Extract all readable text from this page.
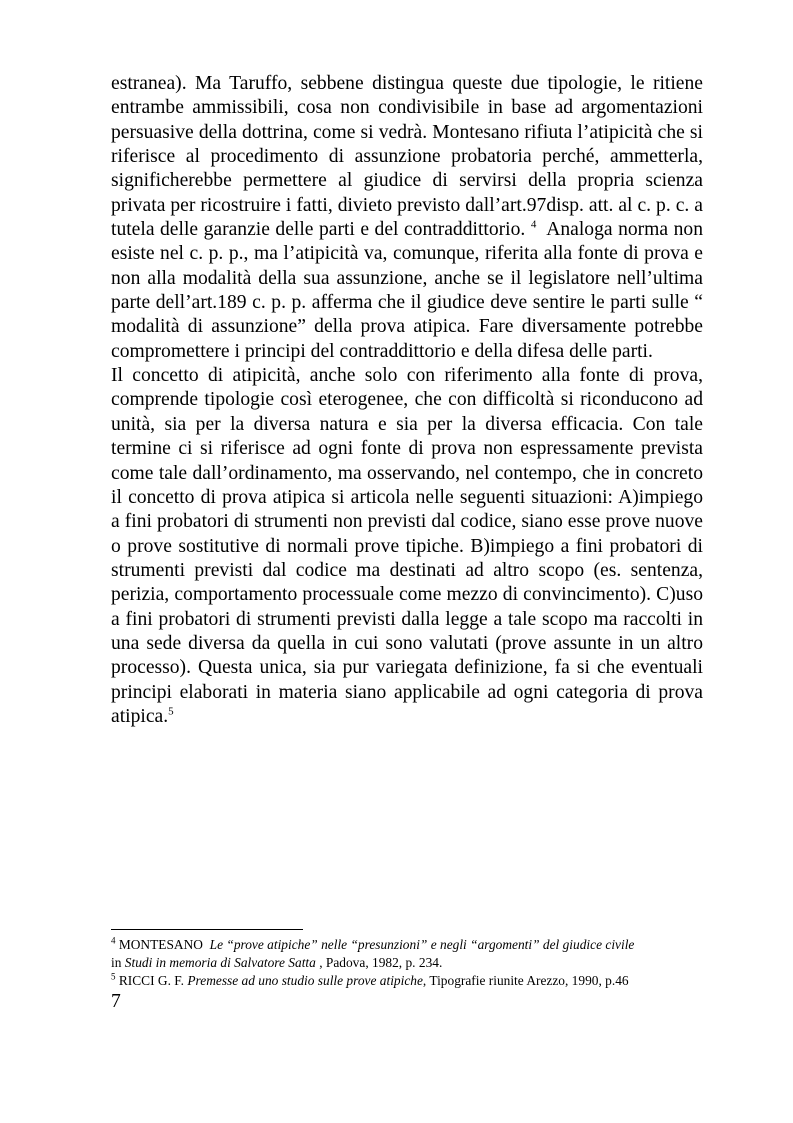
estranea). Ma Taruffo, sebbene distingua queste due tipologie, le ritiene entrambe ammissibili, cosa non condivisibile in base ad argomentazioni persuasive della dottrina, come si vedrà. Montesano rifiuta l’atipicità che si riferisce al procedimento di assunzione probatoria perché, ammetterla, significherebbe permettere al giudice di servirsi della propria scienza privata per ricostruire i fatti, divieto previsto dall’art.97disp. att. al c. p. c. a tutela delle garanzie delle parti e del contraddittorio. $^4$ Analoga norma non esiste nel c. p. p., ma l’atipicità va, comunque, riferita alla fonte di prova e non alla modalità della sua assunzione, anche se il legislatore nell’ultima parte dell’art.189 c. p. p. afferma che il giudice deve sentire le parti sulle “ modalità di assunzione” della prova atipica. Fare diversamente potrebbe compromettere i principi del contraddittorio e della difesa delle parti.

Il concetto di atipicità, anche solo con riferimento alla fonte di prova, comprende tipologie così eterogenee, che con difficoltà si riconducono ad unità, sia per la diversa natura e sia per la diversa efficacia. Con tale termine ci si riferisce ad ogni fonte di prova non espressamente prevista come tale dall’ordinamento, ma osservando, nel contempo, che in concreto il concetto di prova atipica si articola nelle seguenti situazioni: A)impiego a fini probatori di strumenti non previsti dal codice, siano esse prove nuove o prove sostitutive di normali prove tipiche. B)impiego a fini probatori di strumenti previsti dal codice ma destinati ad altro scopo (es. sentenza, perizia, comportamento processuale come mezzo di convincimento). C)uso a fini probatori di strumenti previsti dalla legge a tale scopo ma raccolti in una sede diversa da quella in cui sono valutati (prove assunte in un altro processo). Questa unica, sia pur variegata definizione, fa si che eventuali principi elaborati in materia siano applicabile ad ogni categoria di prova atipica.$^5$

$^4$ MONTESANO Le “prove atipiche” nelle “presunzioni” e negli “argomenti” del giudice civile

in Studi in memoria di Salvatore Satta , Padova, 1982, p. 234.

$^5$ RICCI G. F. Premesse ad uno studio sulle prove atipiche, Tipografie riunite Arezzo, 1990, p.46

7
